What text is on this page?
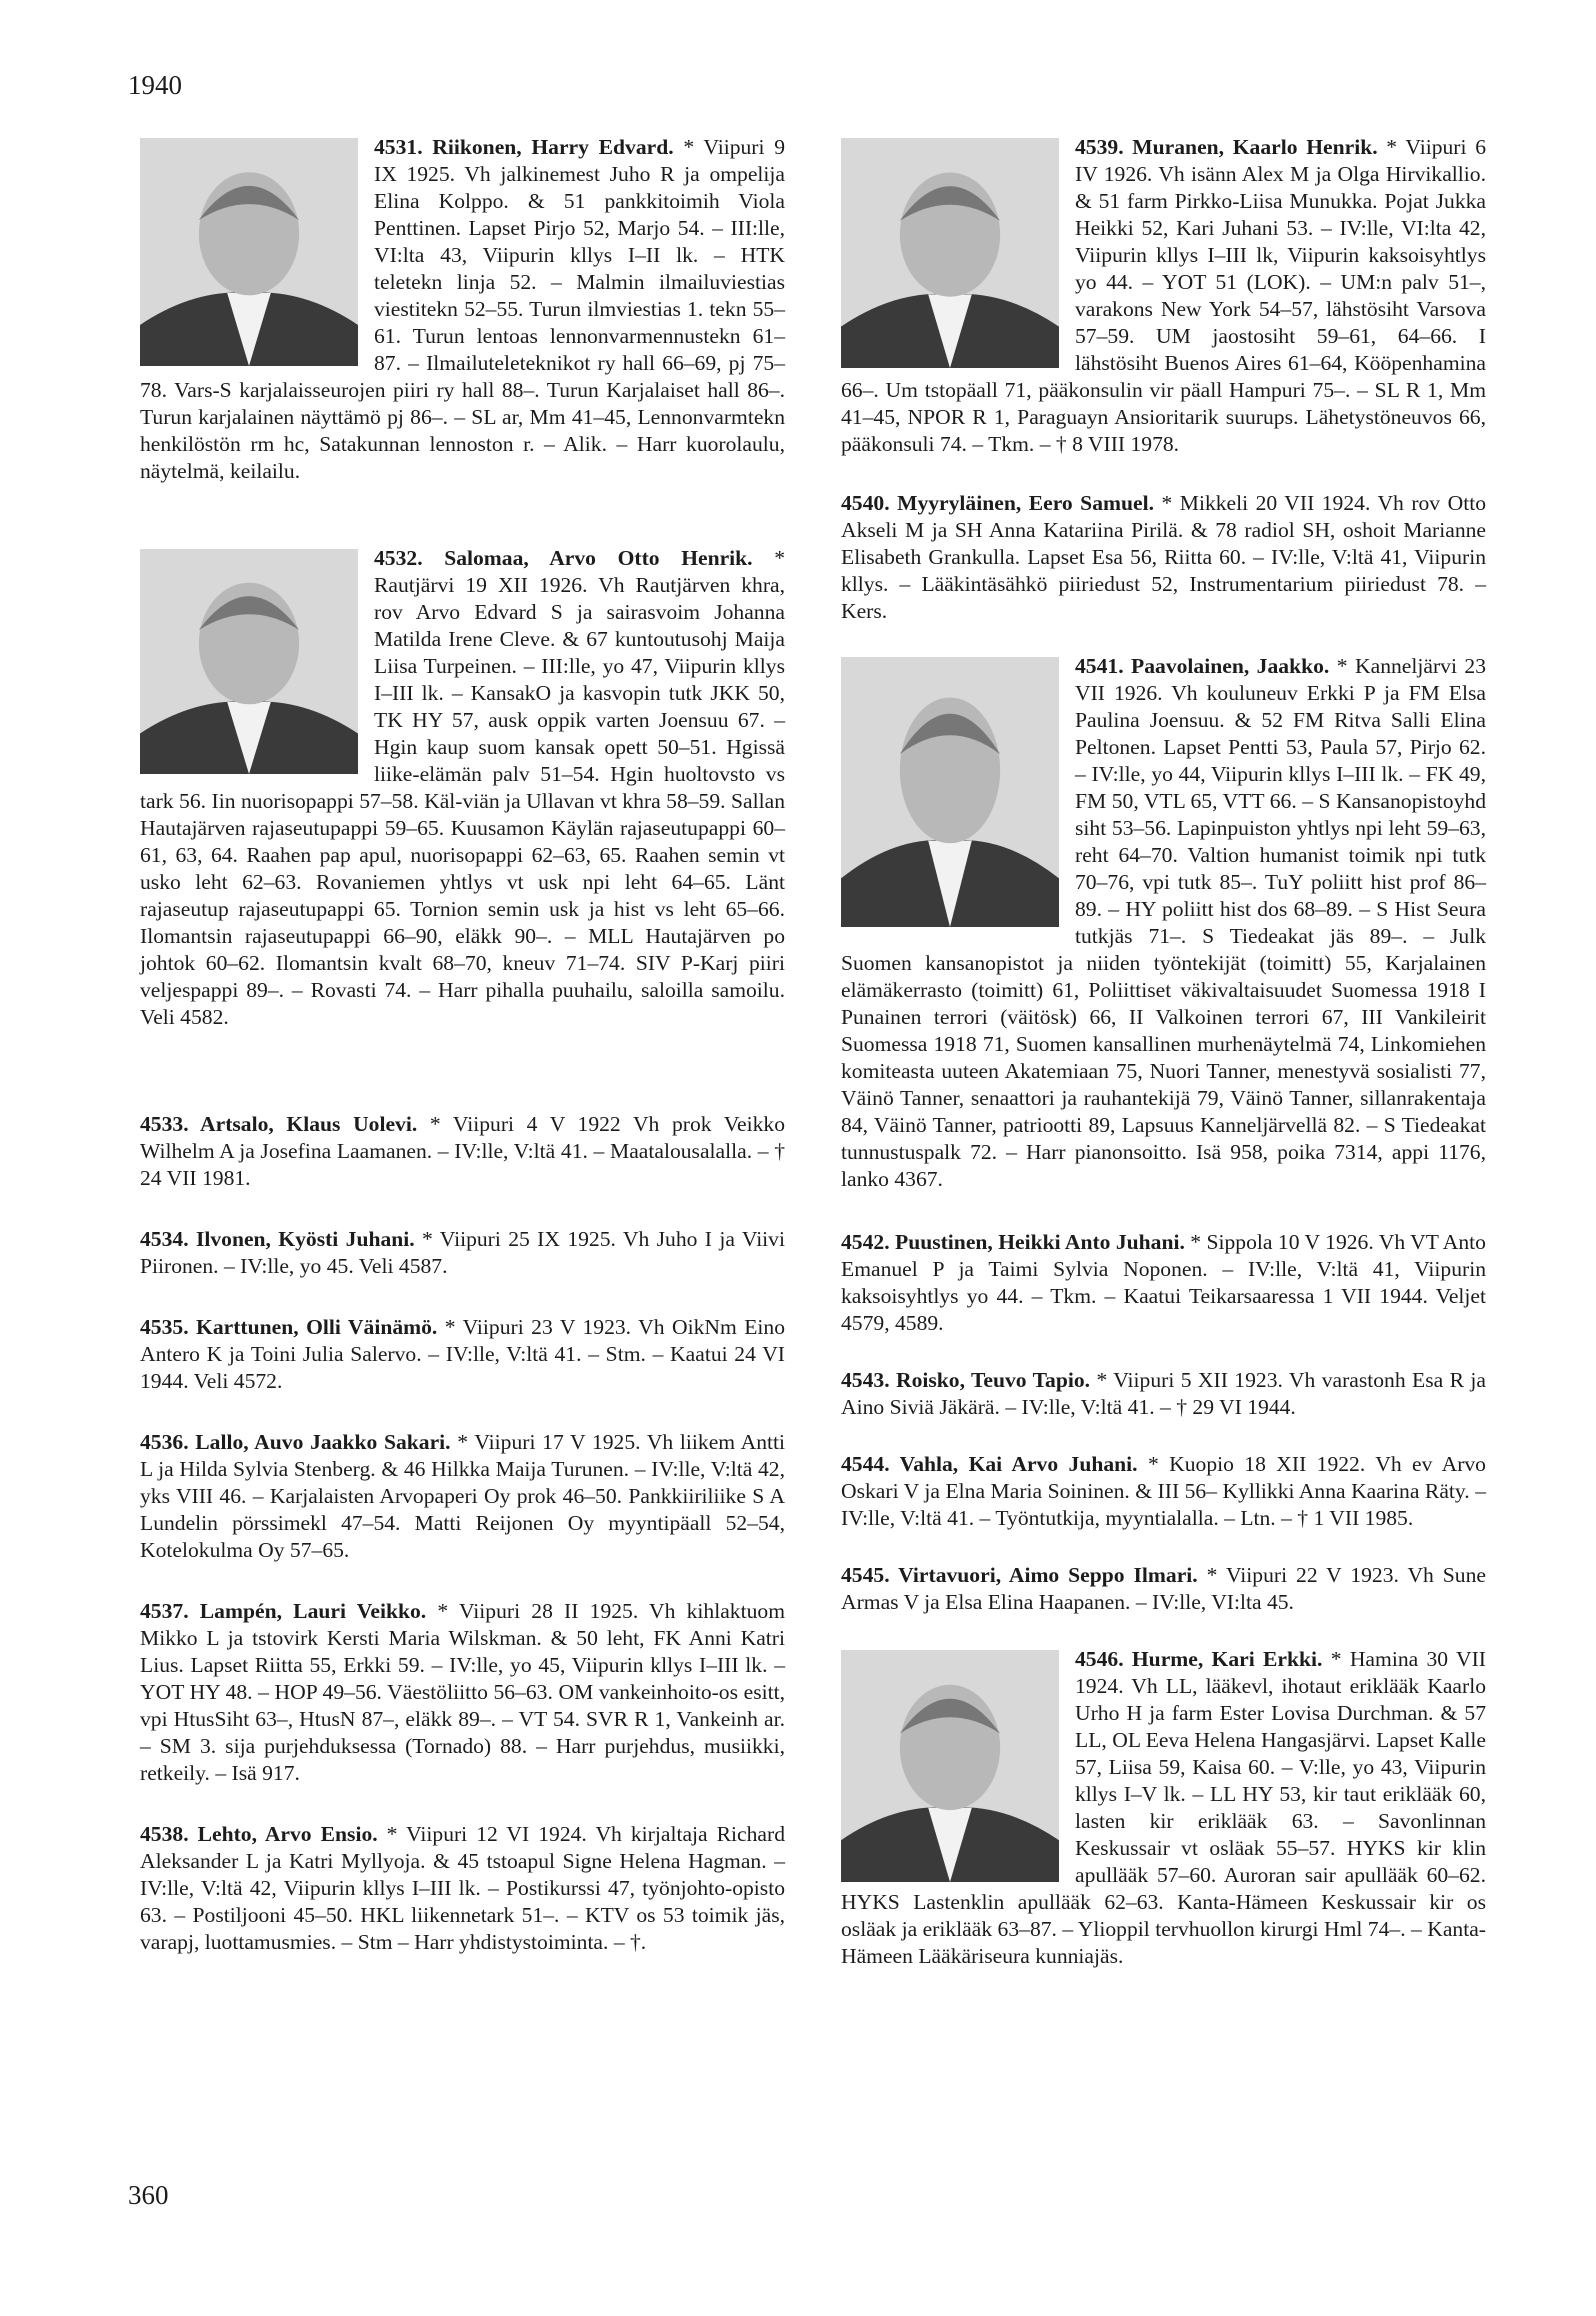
1940

4531. Riikonen, Harry Edvard. * Viipuri 9 IX 1925. Vh jalkinemest Juho R ja ompelija Elina Kolppo. & 51 pankkitoimih Viola Penttinen. Lapset Pirjo 52, Marjo 54. – III:lle, VI:lta 43, Viipurin kllys I–II lk. – HTK teletekn linja 52. – Malmin ilmailuviestias viestitekn 52–55. Turun ilmviestias 1. tekn 55–61. Turun lentoas lennonvarmennustekn 61–87. – Ilmailuteleteknikot ry hall 66–69, pj 75–78. Vars-S karjalaisseurojen piiri ry hall 88–. Turun Karjalaiset hall 86–. Turun karjalainen näyttämö pj 86–. – SL ar, Mm 41–45, Lennonvarmtekn henkilöstön rm hc, Satakunnan lennoston r. – Alik. – Harr kuorolaulu, näytelmä, keilailu.

4532. Salomaa, Arvo Otto Henrik. * Rautjärvi 19 XII 1926. Vh Rautjärven khra, rov Arvo Edvard S ja sairasvoim Johanna Matilda Irene Cleve. & 67 kuntoutusohj Maija Liisa Turpeinen. – III:lle, yo 47, Viipurin kllys I–III lk. – KansakO ja kasvopin tutk JKK 50, TK HY 57, ausk oppik varten Joensuu 67. – Hgin kaup suom kansak opett 50–51. Hgissä liike-elämän palv 51–54. Hgin huoltovsto vs tark 56. Iin nuorisopappi 57–58. Käl-viän ja Ullavan vt khra 58–59. Sallan Hautajärven rajaseutupappi 59–65. Kuusamon Käylän rajaseutupappi 60–61, 63, 64. Raahen pap apul, nuorisopappi 62–63, 65. Raahen semin vt usko leht 62–63. Rovaniemen yhtlys vt usk npi leht 64–65. Länt rajaseutup rajaseutupappi 65. Tornion semin usk ja hist vs leht 65–66. Ilomantsin rajaseutupappi 66–90, eläkk 90–. – MLL Hautajärven po johtok 60–62. Ilomantsin kvalt 68–70, kneuv 71–74. SIV P-Karj piiri veljespappi 89–. – Rovasti 74. – Harr pihalla puuhailu, saloilla samoilu. Veli 4582.

4533. Artsalo, Klaus Uolevi. * Viipuri 4 V 1922 Vh prok Veikko Wilhelm A ja Josefina Laamanen. – IV:lle, V:ltä 41. – Maatalousalalla. – † 24 VII 1981.

4534. Ilvonen, Kyösti Juhani. * Viipuri 25 IX 1925. Vh Juho I ja Viivi Piironen. – IV:lle, yo 45. Veli 4587.

4535. Karttunen, Olli Väinämö. * Viipuri 23 V 1923. Vh OikNm Eino Antero K ja Toini Julia Salervo. – IV:lle, V:ltä 41. – Stm. – Kaatui 24 VI 1944. Veli 4572.

4536. Lallo, Auvo Jaakko Sakari. * Viipuri 17 V 1925. Vh liikem Antti L ja Hilda Sylvia Stenberg. & 46 Hilkka Maija Turunen. – IV:lle, V:ltä 42, yks VIII 46. – Karjalaisten Arvopaperi Oy prok 46–50. Pankkiiriliike S A Lundelin pörssimekl 47–54. Matti Reijonen Oy myyntipäall 52–54, Kotelokulma Oy 57–65.

4537. Lampén, Lauri Veikko. * Viipuri 28 II 1925. Vh kihlaktuom Mikko L ja tstovirk Kersti Maria Wilskman. & 50 leht, FK Anni Katri Lius. Lapset Riitta 55, Erkki 59. – IV:lle, yo 45, Viipurin kllys I–III lk. – YOT HY 48. – HOP 49–56. Väestöliitto 56–63. OM vankeinhoito-os esitt, vpi HtusSiht 63–, HtusN 87–, eläkk 89–. – VT 54. SVR R 1, Vankeinh ar. – SM 3. sija purjehduksessa (Tornado) 88. – Harr purjehdus, musiikki, retkeily. – Isä 917.

4538. Lehto, Arvo Ensio. * Viipuri 12 VI 1924. Vh kirjaltaja Richard Aleksander L ja Katri Myllyoja. & 45 tstoapul Signe Helena Hagman. – IV:lle, V:ltä 42, Viipurin kllys I–III lk. – Postikurssi 47, työnjohto-opisto 63. – Postiljooni 45–50. HKL liikennetark 51–. – KTV os 53 toimik jäs, varapj, luottamusmies. – Stm – Harr yhdistystoiminta. – †.

4539. Muranen, Kaarlo Henrik. * Viipuri 6 IV 1926. Vh isänn Alex M ja Olga Hirvikallio. & 51 farm Pirkko-Liisa Munukka. Pojat Jukka Heikki 52, Kari Juhani 53. – IV:lle, VI:lta 42, Viipurin kllys I–III lk, Viipurin kaksoisyhtlys yo 44. – YOT 51 (LOK). – UM:n palv 51–, varakons New York 54–57, lähstösiht Varsova 57–59. UM jaostosiht 59–61, 64–66. I lähstösiht Buenos Aires 61–64, Kööpenhamina 66–. Um tstopäall 71, pääkonsulin vir päall Hampuri 75–. – SL R 1, Mm 41–45, NPOR R 1, Paraguayn Ansioritarik suurups. Lähetystöneuvos 66, pääkonsuli 74. – Tkm. – † 8 VIII 1978.

4540. Myyryläinen, Eero Samuel. * Mikkeli 20 VII 1924. Vh rov Otto Akseli M ja SH Anna Katariina Pirilä. & 78 radiol SH, oshoit Marianne Elisabeth Grankulla. Lapset Esa 56, Riitta 60. – IV:lle, V:ltä 41, Viipurin kllys. – Lääkintäsähkö piiriedust 52, Instrumentarium piiriedust 78. – Kers.

4541. Paavolainen, Jaakko. * Kanneljärvi 23 VII 1926. Vh kouluneuv Erkki P ja FM Elsa Paulina Joensuu. & 52 FM Ritva Salli Elina Peltonen. Lapset Pentti 53, Paula 57, Pirjo 62. – IV:lle, yo 44, Viipurin kllys I–III lk. – FK 49, FM 50, VTL 65, VTT 66. – S Kansanopistoyhd siht 53–56. Lapinpuiston yhtlys npi leht 59–63, reht 64–70. Valtion humanist toimik npi tutk 70–76, vpi tutk 85–. TuY poliitt hist prof 86–89. – HY poliitt hist dos 68–89. – S Hist Seura tutkjäs 71–. S Tiedeakat jäs 89–. – Julk Suomen kansanopistot ja niiden työntekijät (toimitt) 55, Karjalainen elämäkerrasto (toimitt) 61, Poliittiset väkivaltaisuudet Suomessa 1918 I Punainen terrori (väitösk) 66, II Valkoinen terrori 67, III Vankileirit Suomessa 1918 71, Suomen kansallinen murhenäytelmä 74, Linkomiehen komiteasta uuteen Akatemiaan 75, Nuori Tanner, menestyvä sosialisti 77, Väinö Tanner, senaattori ja rauhantekijä 79, Väinö Tanner, sillanrakentaja 84, Väinö Tanner, patriootti 89, Lapsuus Kanneljärvellä 82. – S Tiedeakat tunnustuspalk 72. – Harr pianonsoitto. Isä 958, poika 7314, appi 1176, lanko 4367.

4542. Puustinen, Heikki Anto Juhani. * Sippola 10 V 1926. Vh VT Anto Emanuel P ja Taimi Sylvia Noponen. – IV:lle, V:ltä 41, Viipurin kaksoisyhtlys yo 44. – Tkm. – Kaatui Teikarsaaressa 1 VII 1944. Veljet 4579, 4589.

4543. Roisko, Teuvo Tapio. * Viipuri 5 XII 1923. Vh varastonh Esa R ja Aino Siviä Jäkärä. – IV:lle, V:ltä 41. – † 29 VI 1944.

4544. Vahla, Kai Arvo Juhani. * Kuopio 18 XII 1922. Vh ev Arvo Oskari V ja Elna Maria Soininen. & III 56– Kyllikki Anna Kaarina Räty. – IV:lle, V:ltä 41. – Työntutkija, myyntialalla. – Ltn. – † 1 VII 1985.

4545. Virtavuori, Aimo Seppo Ilmari. * Viipuri 22 V 1923. Vh Sune Armas V ja Elsa Elina Haapanen. – IV:lle, VI:lta 45.

4546. Hurme, Kari Erkki. * Hamina 30 VII 1924. Vh LL, lääkevl, ihotaut eriklääk Kaarlo Urho H ja farm Ester Lovisa Durchman. & 57 LL, OL Eeva Helena Hangasjärvi. Lapset Kalle 57, Liisa 59, Kaisa 60. – V:lle, yo 43, Viipurin kllys I–V lk. – LL HY 53, kir taut eriklääk 60, lasten kir eriklääk 63. – Savonlinnan Keskussair vt osläak 55–57. HYKS kir klin apullääk 57–60. Auroran sair apullääk 60–62. HYKS Lastenklin apullääk 62–63. Kanta-Hämeen Keskussair kir os osläak ja eriklääk 63–87. – Ylioppil tervhuollon kirurgi Hml 74–. – Kanta-Hämeen Lääkäriseura kunniajäs.

360
